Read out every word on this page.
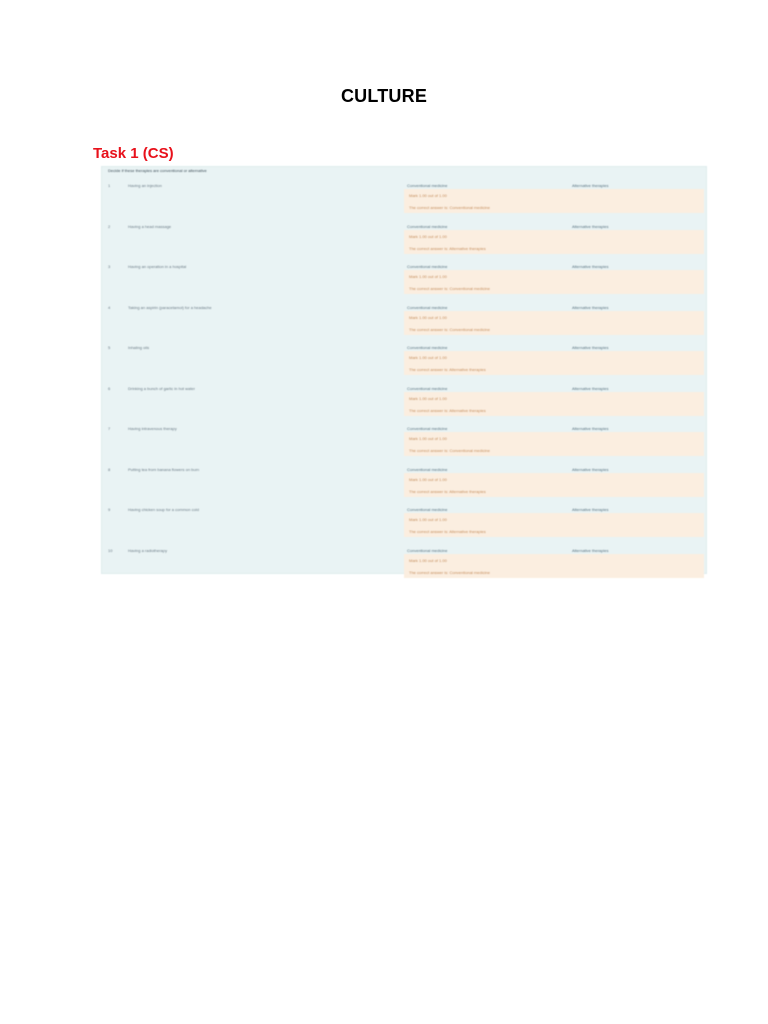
CULTURE
Task 1 (CS)
Decide if these therapies are conventional or alternative
1	Having an injection	Conventional medicine	Alternative therapies
Mark 1.00 out of 1.00
The correct answer is: Conventional medicine
2	Having a head massage	Conventional medicine	Alternative therapies
Mark 1.00 out of 1.00
The correct answer is: Alternative therapies
3	Having an operation in a hospital	Conventional medicine	Alternative therapies
Mark 1.00 out of 1.00
The correct answer is: Conventional medicine
4	Taking an aspirin (paracetamol) for a headache	Conventional medicine	Alternative therapies
Mark 1.00 out of 1.00
The correct answer is: Conventional medicine
5	Inhaling oils	Conventional medicine	Alternative therapies
Mark 1.00 out of 1.00
The correct answer is: Alternative therapies
6	Drinking a bunch of garlic in hot water	Conventional medicine	Alternative therapies
Mark 1.00 out of 1.00
The correct answer is: Alternative therapies
7	Having intravenous therapy	Conventional medicine	Alternative therapies
Mark 1.00 out of 1.00
The correct answer is: Conventional medicine
8	Putting tea from banana flowers on burn	Conventional medicine	Alternative therapies
Mark 1.00 out of 1.00
The correct answer is: Alternative therapies
9	Having chicken soup for a common cold	Conventional medicine	Alternative therapies
Mark 1.00 out of 1.00
The correct answer is: Alternative therapies
10	Having a radiotherapy	Conventional medicine	Alternative therapies
Mark 1.00 out of 1.00
The correct answer is: Conventional medicine
